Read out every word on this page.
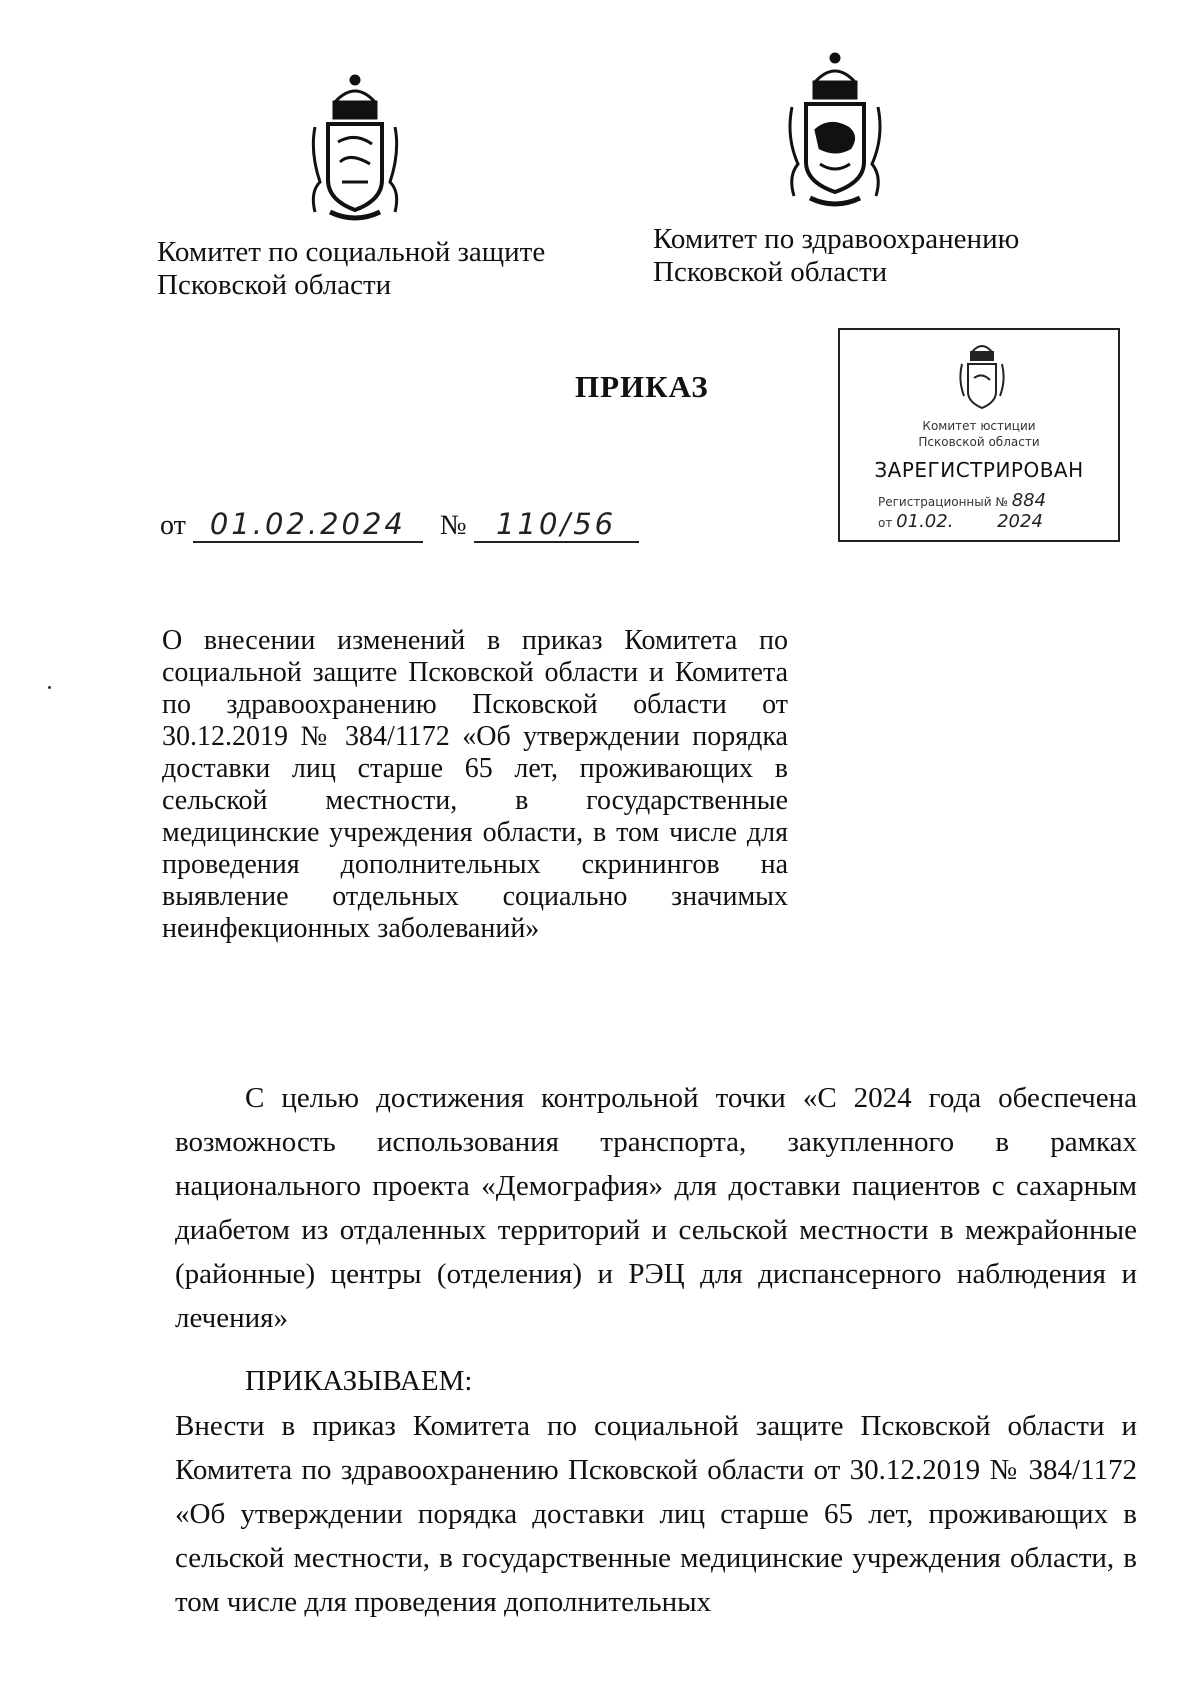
Комитет по социальной защите
Псковской области
Комитет по здравоохранению
Псковской области
ПРИКАЗ
Комитет юстиции
Псковской области
ЗАРЕГИСТРИРОВАН
Регистрационный № 884
от 01.02. 2024
от 01.02.2024 № 110/56
О внесении изменений в приказ Комитета по социальной защите Псковской области и Комитета по здравоохранению Псковской области от 30.12.2019 № 384/1172 «Об утверждении порядка доставки лиц старше 65 лет, проживающих в сельской местности, в государственные медицинские учреждения области, в том числе для проведения дополнительных скринингов на выявление отдельных социально значимых неинфекционных заболеваний»
С целью достижения контрольной точки «С 2024 года обеспечена возможность использования транспорта, закупленного в рамках национального проекта «Демография» для доставки пациентов с сахарным диабетом из отдаленных территорий и сельской местности в межрайонные (районные) центры (отделения) и РЭЦ для диспансерного наблюдения и лечения»
ПРИКАЗЫВАЕМ:
Внести в приказ Комитета по социальной защите Псковской области и Комитета по здравоохранению Псковской области от 30.12.2019 № 384/1172 «Об утверждении порядка доставки лиц старше 65 лет, проживающих в сельской местности, в государственные медицинские учреждения области, в том числе для проведения дополнительных
